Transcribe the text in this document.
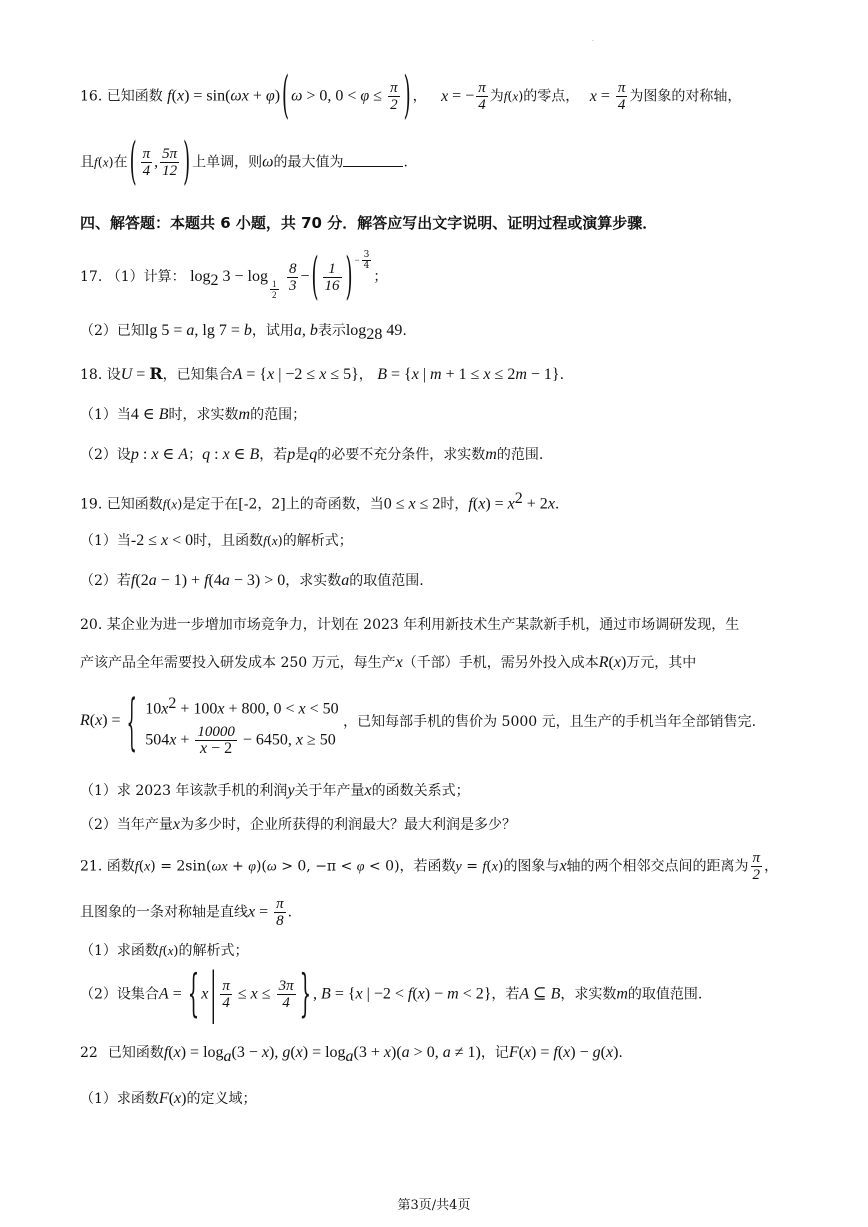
·
16. 已知函数 f(x) = sin(ωx + φ) ( ω > 0, $0 < \varphi \le \frac{\pi}{2}$ ) ， x = − $\frac{\pi}{4}$ 为f(x)的零点， $x = \frac{\pi}{4}$ 为图象的对称轴，
且f(x)在 ( $\frac{\pi}{4}$ , $\frac{5\pi}{12}$ ) 上单调，则ω的最大值为	.
四、解答题：本题共 6 小题，共 70 分．解答应写出文字说明、证明过程或演算步骤．
17. （1）计算： $\log_2 3 - \log$
$_{\frac{1}{2}}$
$\frac{8}{3}$ − ( $\frac{1}{16}$ ) $^{- \frac{3}{4}}$
；
（2）已知lg 5 = a, lg 7 = b，试用a, b表示$\log_{28} 49$.
18. 设U = R，已知集合A = {x | −2 ≤ x ≤ 5}， B = {x | m + 1 ≤ x ≤ 2m − 1}.
（1）当4 ∈ B时，求实数m的范围；
（2）设p : x ∈ A；q : x ∈ B，若p是q的必要不充分条件，求实数m的范围.
19. 已知函数f(x)是定于在[-2，2]上的奇函数，当0 ≤ x ≤ 2时，$f(x) = x^2 + 2x$.
（1）当-2 ≤ x < 0时，且函数f(x)的解析式；
（2）若f(2a − 1) + f(4a − 3) > 0，求实数a的取值范围.
20. 某企业为进一步增加市场竞争力，计划在 2023 年利用新技术生产某款新手机，通过市场调研发现，生
产该产品全年需要投入研发成本 250 万元，每生产x（千部）手机，需另外投入成本R(x)万元，其中
R(x) = { $10x^2 + 100x + 800$, 0 < x < 50
$504x + \frac{10000}{x - 2} - 6450$, x ≥ 50
，已知每部手机的售价为 5000 元，且生产的手机当年全部销售完.
（1）求 2023 年该款手机的利润y关于年产量x的函数关系式；
（2）当年产量x为多少时，企业所获得的利润最大？最大利润是多少？
21. 函数f(x) = 2sin(ωx + φ)(ω > 0, −π < φ < 0)，若函数y = f(x)的图象与x轴的两个相邻交点间的距离为 $\frac{\pi}{2}$ ，
且图象的一条对称轴是直线$x = \frac{\pi}{8}$ .
（1）求函数f(x)的解析式；
（2）设集合A = { x | $\frac{\pi}{4} \le x \le \frac{3\pi}{4}$ } , B = {x | −2 < f(x) − m < 2}，若A ⊆ B，求实数m的取值范围.
22 已知函数$f(x) = \log_a(3 - x)$, $g(x) = \log_a(3 + x)(a > 0$, a ≠ 1)，记F(x) = f(x) − g(x).
（1）求函数F(x)的定义域；
第3页/共4页
